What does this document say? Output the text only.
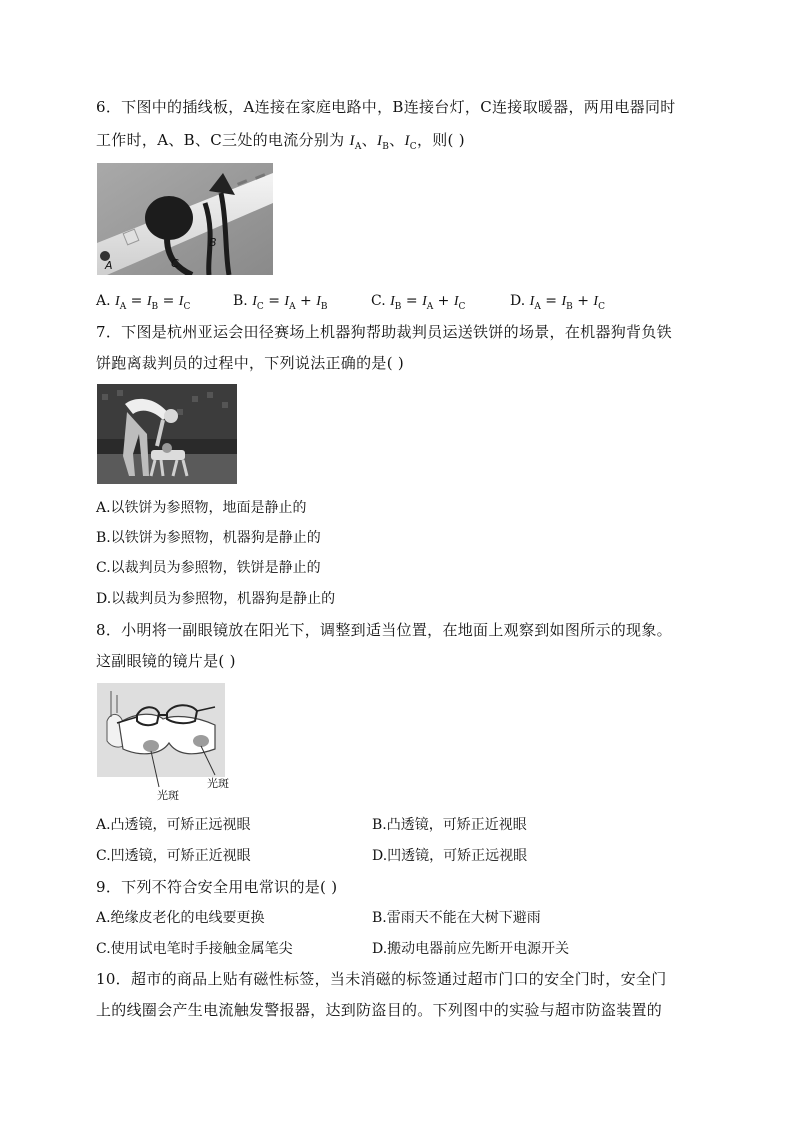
6．下图中的插线板，A连接在家庭电路中，B连接台灯，C连接取暖器，两用电器同时
工作时，A、B、C三处的电流分别为 $I_A$、$I_B$、$I_C$，则( )
A	C
B
A. $I_A = I_B = I_C$	B. $I_C = I_A + I_B$	C. $I_B = I_A + I_C$	D. $I_A = I_B + I_C$
7．下图是杭州亚运会田径赛场上机器狗帮助裁判员运送铁饼的场景，在机器狗背负铁
饼跑离裁判员的过程中，下列说法正确的是( )
A.以铁饼为参照物，地面是静止的
B.以铁饼为参照物，机器狗是静止的
C.以裁判员为参照物，铁饼是静止的
D.以裁判员为参照物，机器狗是静止的
8．小明将一副眼镜放在阳光下，调整到适当位置，在地面上观察到如图所示的现象。
这副眼镜的镜片是( )
光斑
光斑
A.凸透镜，可矫正远视眼	B.凸透镜，可矫正近视眼
C.凹透镜，可矫正近视眼	D.凹透镜，可矫正远视眼
9．下列不符合安全用电常识的是( )
A.绝缘皮老化的电线要更换	B.雷雨天不能在大树下避雨
C.使用试电笔时手接触金属笔尖	D.搬动电器前应先断开电源开关
10．超市的商品上贴有磁性标签，当未消磁的标签通过超市门口的安全门时，安全门
上的线圈会产生电流触发警报器，达到防盗目的。下列图中的实验与超市防盗装置的
